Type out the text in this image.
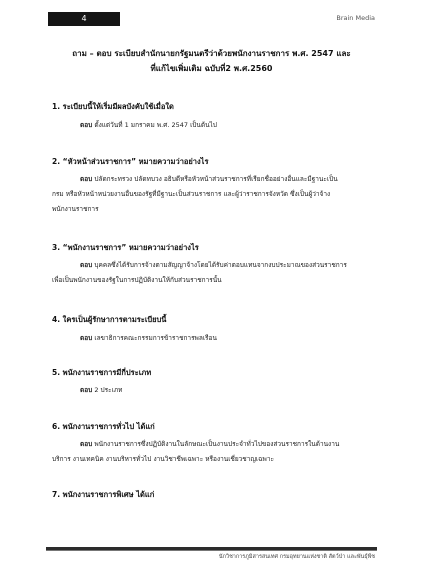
4	Brain Media
ถาม – ตอบ ระเบียบสำนักนายกรัฐมนตรีว่าด้วยพนักงานราชการ พ.ศ. 2547 และ
ที่แก้ไขเพิ่มเติม ฉบับที่2 พ.ศ.2560
1. ระเบียบนี้ให้เริ่มมีผลบังคับใช้เมื่อใด
ตอบ ตั้งแต่วันที่ 1 มกราคม พ.ศ. 2547 เป็นต้นไป
2. “หัวหน้าส่วนราชการ” หมายความว่าอย่างไร
ตอบ ปลัดกระทรวง ปลัดทบวง อธิบดีหรือหัวหน้าส่วนราชการที่เรียกชื่ออย่างอื่นและมีฐานะเป็น
กรม หรือหัวหน้าหน่วยงานอื่นของรัฐที่มีฐานะเป็นส่วนราชการ และผู้ว่าราชการจังหวัด ซึ่งเป็นผู้ว่าจ้าง
พนักงานราชการ
3. “พนักงานราชการ” หมายความว่าอย่างไร
ตอบ บุคคลซึ่งได้รับการจ้างตามสัญญาจ้างโดยได้รับค่าตอบแทนจากงบประมาณของส่วนราชการ
เพื่อเป็นพนักงานของรัฐในการปฏิบัติงานให้กับส่วนราชการนั้น
4. ใครเป็นผู้รักษาการตามระเบียบนี้
ตอบ เลขาธิการคณะกรรมการข้าราชการพลเรือน
5. พนักงานราชการมีกี่ประเภท
ตอบ 2 ประเภท
6. พนักงานราชการทั่วไป ได้แก่
ตอบ พนักงานราชการซึ่งปฏิบัติงานในลักษณะเป็นงานประจำทั่วไปของส่วนราชการในด้านงาน
บริการ งานเทคนิค งานบริหารทั่วไป งานวิชาชีพเฉพาะ หรืองานเชี่ยวชาญเฉพาะ
7. พนักงานราชการพิเศษ ได้แก่
นักวิชาการภูมิสารสนเทศ กรมอุทยานแห่งชาติ สัตว์ป่า และพันธุ์พืช
